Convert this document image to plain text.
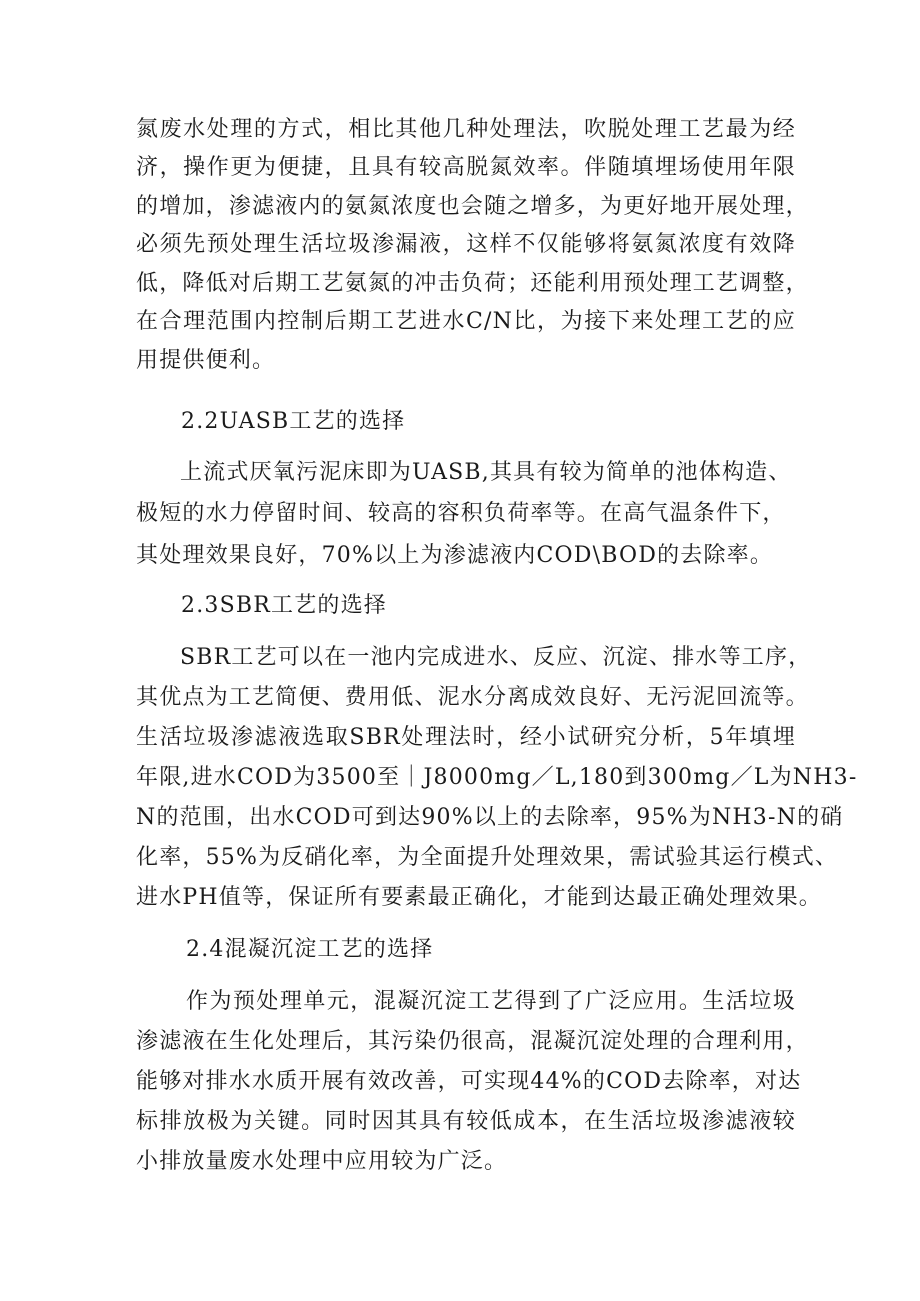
氮废水处理的方式，相比其他几种处理法，吹脱处理工艺最为经
济，操作更为便捷，且具有较高脱氮效率。伴随填埋场使用年限
的增加，渗滤液内的氨氮浓度也会随之增多，为更好地开展处理，
必须先预处理生活垃圾渗漏液，这样不仅能够将氨氮浓度有效降
低，降低对后期工艺氨氮的冲击负荷；还能利用预处理工艺调整，
在合理范围内控制后期工艺进水C/N比，为接下来处理工艺的应
用提供便利。
2.2UASB工艺的选择
上流式厌氧污泥床即为UASB,其具有较为简单的池体构造、
极短的水力停留时间、较高的容积负荷率等。在高气温条件下，
其处理效果良好，70%以上为渗滤液内COD\BOD的去除率。
2.3SBR工艺的选择
SBR工艺可以在一池内完成进水、反应、沉淀、排水等工序，
其优点为工艺简便、费用低、泥水分离成效良好、无污泥回流等。
生活垃圾渗滤液选取SBR处理法时，经小试研究分析，5年填埋
年限,进水COD为3500至｜J8000mg／L,180到300mg／L为NH3-
N的范围，出水COD可到达90%以上的去除率，95%为NH3-N的硝
化率，55%为反硝化率，为全面提升处理效果，需试验其运行模式、
进水PH值等，保证所有要素最正确化，才能到达最正确处理效果。
2.4混凝沉淀工艺的选择
作为预处理单元，混凝沉淀工艺得到了广泛应用。生活垃圾
渗滤液在生化处理后，其污染仍很高，混凝沉淀处理的合理利用，
能够对排水水质开展有效改善，可实现44%的COD去除率，对达
标排放极为关键。同时因其具有较低成本，在生活垃圾渗滤液较
小排放量废水处理中应用较为广泛。
